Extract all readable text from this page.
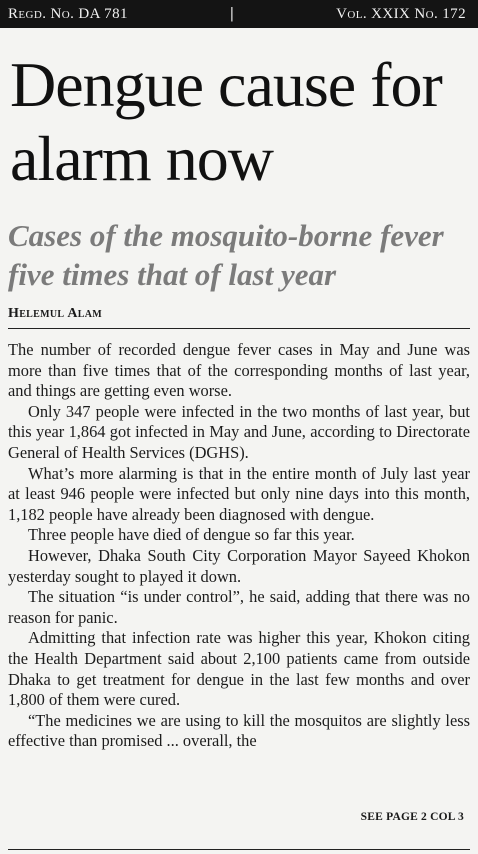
Regd. No. DA 781	|	Vol. XXIX No. 172
Dengue cause for alarm now
Cases of the mosquito-borne fever five times that of last year
Helemul Alam

The number of recorded dengue fever cases in May and June was more than five times that of the corresponding months of last year, and things are getting even worse.

Only 347 people were infected in the two months of last year, but this year 1,864 got infected in May and June, according to Directorate General of Health Services (DGHS).

What’s more alarming is that in the entire month of July last year at least 946 people were infected but only nine days into this month, 1,182 people have already been diagnosed with dengue.

Three people have died of dengue so far this year.

However, Dhaka South City Corporation Mayor Sayeed Khokon yesterday sought to played it down.

The situation “is under control”, he said, adding that there was no reason for panic.

Admitting that infection rate was higher this year, Khokon citing the Health Department said about 2,100 patients came from outside Dhaka to get treatment for dengue in the last few months and over 1,800 of them were cured.

“The medicines we are using to kill the mosquitos are slightly less effective than promised ... overall, the

SEE PAGE 2 COL 3
